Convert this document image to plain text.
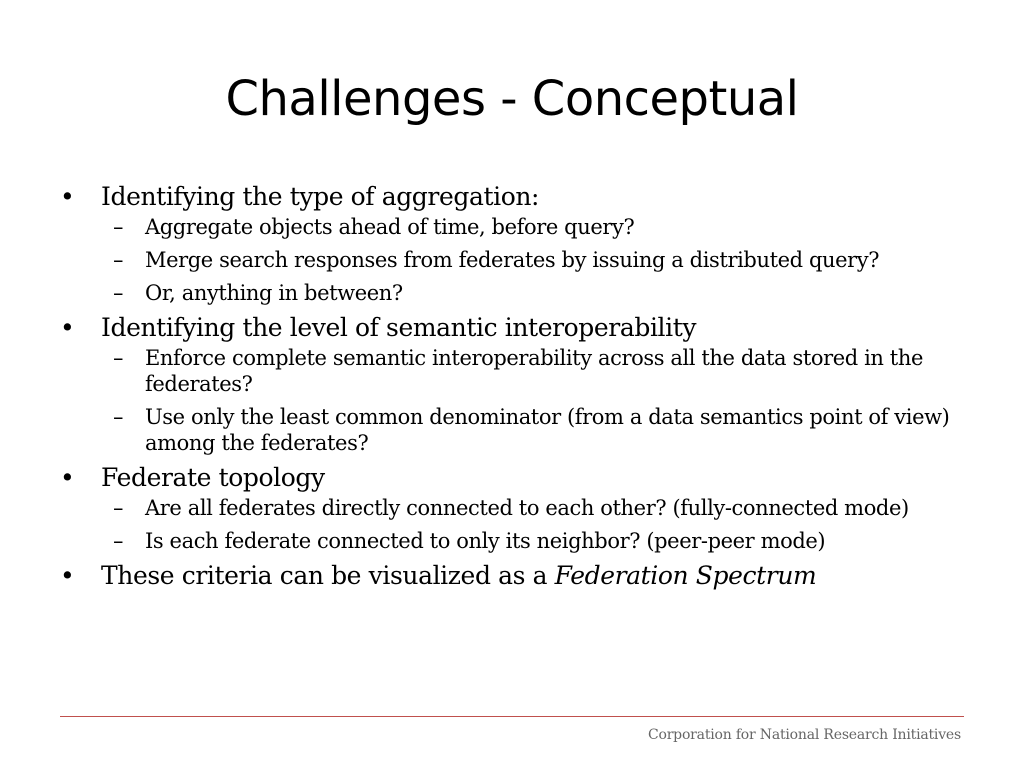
Challenges - Conceptual
•	Identifying the type of aggregation:
–	Aggregate objects ahead of time, before query?
–	Merge search responses from federates by issuing a distributed query?
–	Or, anything in between?
•	Identifying the level of semantic interoperability
–	Enforce complete semantic interoperability across all the data stored in the federates?
–	Use only the least common denominator (from a data semantics point of view) among the federates?
•	Federate topology
–	Are all federates directly connected to each other? (fully-connected mode)
–	Is each federate connected to only its neighbor? (peer-peer mode)
•	These criteria can be visualized as a Federation Spectrum
Corporation for National Research Initiatives
